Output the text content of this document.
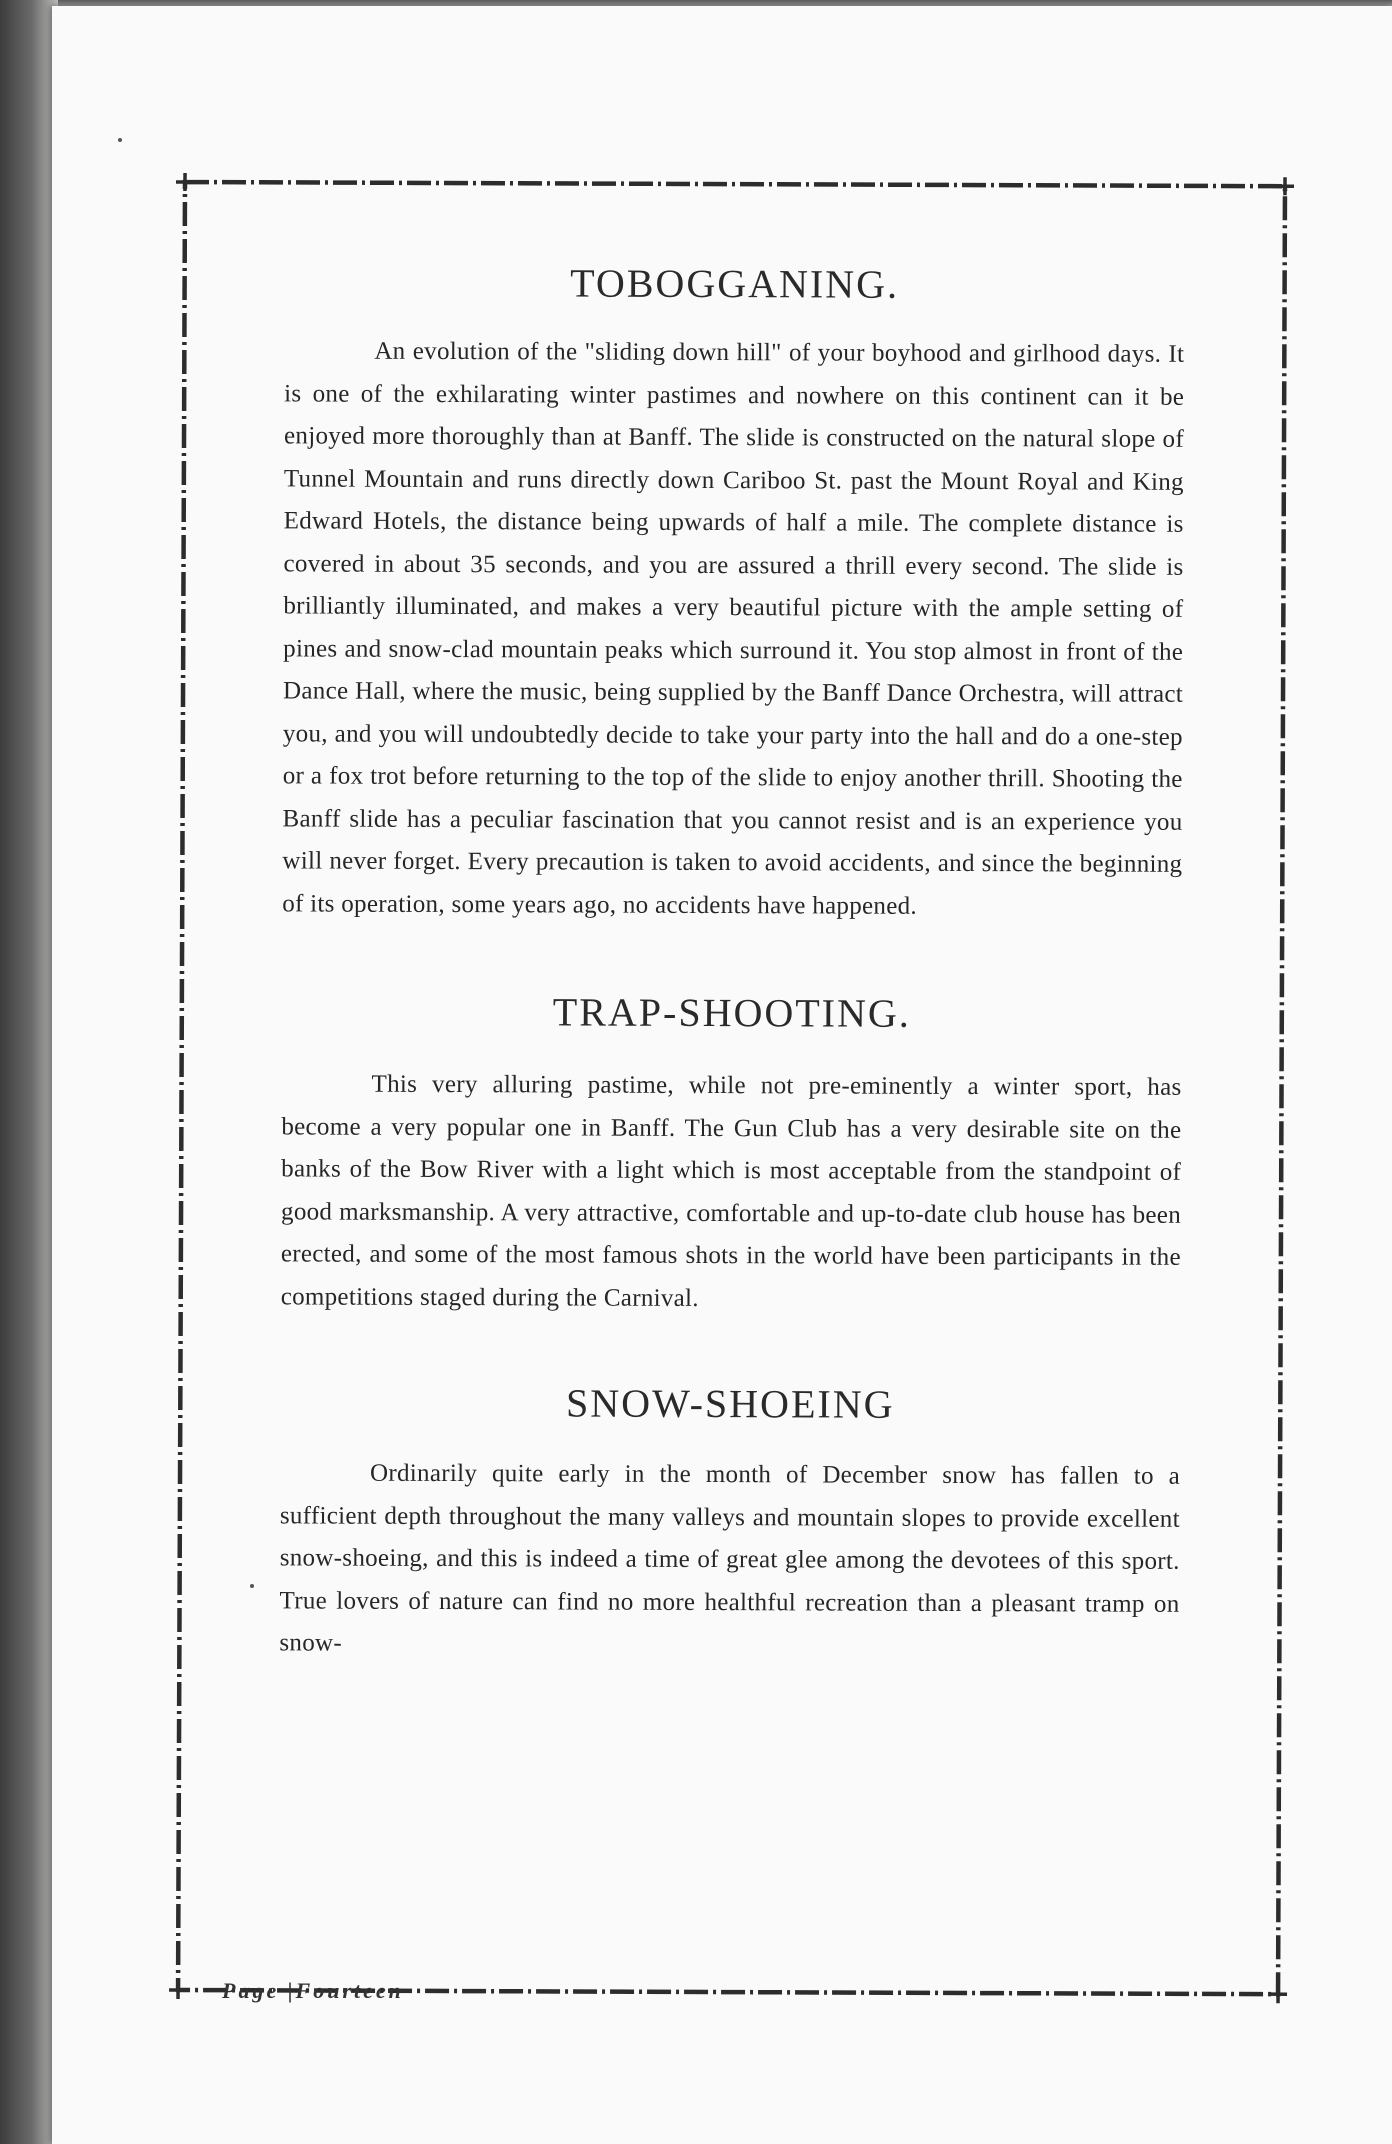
TOBOGGANING.

An evolution of the "sliding down hill" of your boyhood and girlhood days. It is one of the exhilarating winter pastimes and nowhere on this continent can it be enjoyed more thoroughly than at Banff. The slide is constructed on the natural slope of Tunnel Mountain and runs directly down Cariboo St. past the Mount Royal and King Edward Hotels, the distance being upwards of half a mile. The complete distance is covered in about 35 seconds, and you are assured a thrill every second. The slide is brilliantly illuminated, and makes a very beautiful picture with the ample setting of pines and snow-clad mountain peaks which surround it. You stop almost in front of the Dance Hall, where the music, being supplied by the Banff Dance Orchestra, will attract you, and you will undoubtedly decide to take your party into the hall and do a one-step or a fox trot before returning to the top of the slide to enjoy another thrill. Shooting the Banff slide has a peculiar fascination that you cannot resist and is an experience you will never forget. Every precaution is taken to avoid accidents, and since the beginning of its operation, some years ago, no accidents have happened.

TRAP-SHOOTING.

This very alluring pastime, while not pre-eminently a winter sport, has become a very popular one in Banff. The Gun Club has a very desirable site on the banks of the Bow River with a light which is most acceptable from the standpoint of good marksmanship. A very attractive, comfortable and up-to-date club house has been erected, and some of the most famous shots in the world have been participants in the competitions staged during the Carnival.

SNOW-SHOEING

Ordinarily quite early in the month of December snow has fallen to a sufficient depth throughout the many valleys and mountain slopes to provide excellent snow-shoeing, and this is indeed a time of great glee among the devotees of this sport. True lovers of nature can find no more healthful recreation than a pleasant tramp on snow-

Page |Fourteen
